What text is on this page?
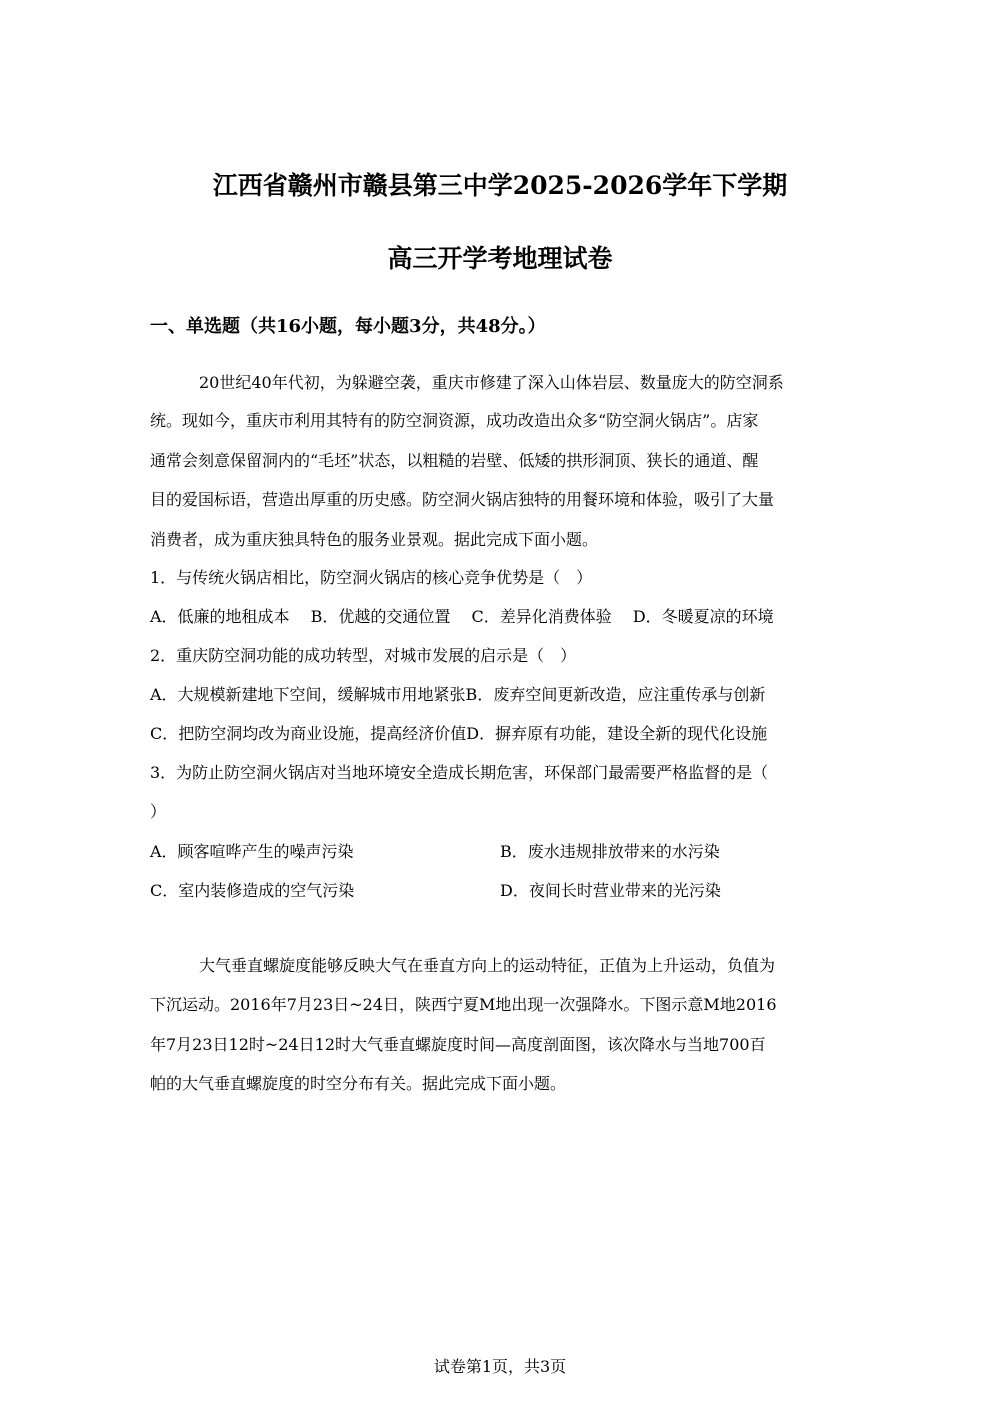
江西省赣州市赣县第三中学2025-2026学年下学期
高三开学考地理试卷
一、单选题（共16小题，每小题3分，共48分。）
20世纪40年代初，为躲避空袭，重庆市修建了深入山体岩层、数量庞大的防空洞系
统。现如今，重庆市利用其特有的防空洞资源，成功改造出众多“防空洞火锅店”。店家
通常会刻意保留洞内的“毛坯”状态，以粗糙的岩壁、低矮的拱形洞顶、狭长的通道、醒
目的爱国标语，营造出厚重的历史感。防空洞火锅店独特的用餐环境和体验，吸引了大量
消费者，成为重庆独具特色的服务业景观。据此完成下面小题。
1．与传统火锅店相比，防空洞火锅店的核心竞争优势是（　）
A．低廉的地租成本　 B．优越的交通位置　 C．差异化消费体验　 D．冬暖夏凉的环境
2．重庆防空洞功能的成功转型，对城市发展的启示是（　）
A．大规模新建地下空间，缓解城市用地紧张B．废弃空间更新改造，应注重传承与创新
C．把防空洞均改为商业设施，提高经济价值D．摒弃原有功能，建设全新的现代化设施
3．为防止防空洞火锅店对当地环境安全造成长期危害，环保部门最需要严格监督的是（
）
A．顾客喧哗产生的噪声污染	B．废水违规排放带来的水污染
C．室内装修造成的空气污染	D．夜间长时营业带来的光污染
大气垂直螺旋度能够反映大气在垂直方向上的运动特征，正值为上升运动，负值为
下沉运动。2016年7月23日~24日，陕西宁夏M地出现一次强降水。下图示意M地2016
年7月23日12时~24日12时大气垂直螺旋度时间—高度剖面图，该次降水与当地700百
帕的大气垂直螺旋度的时空分布有关。据此完成下面小题。
试卷第1页，共3页
